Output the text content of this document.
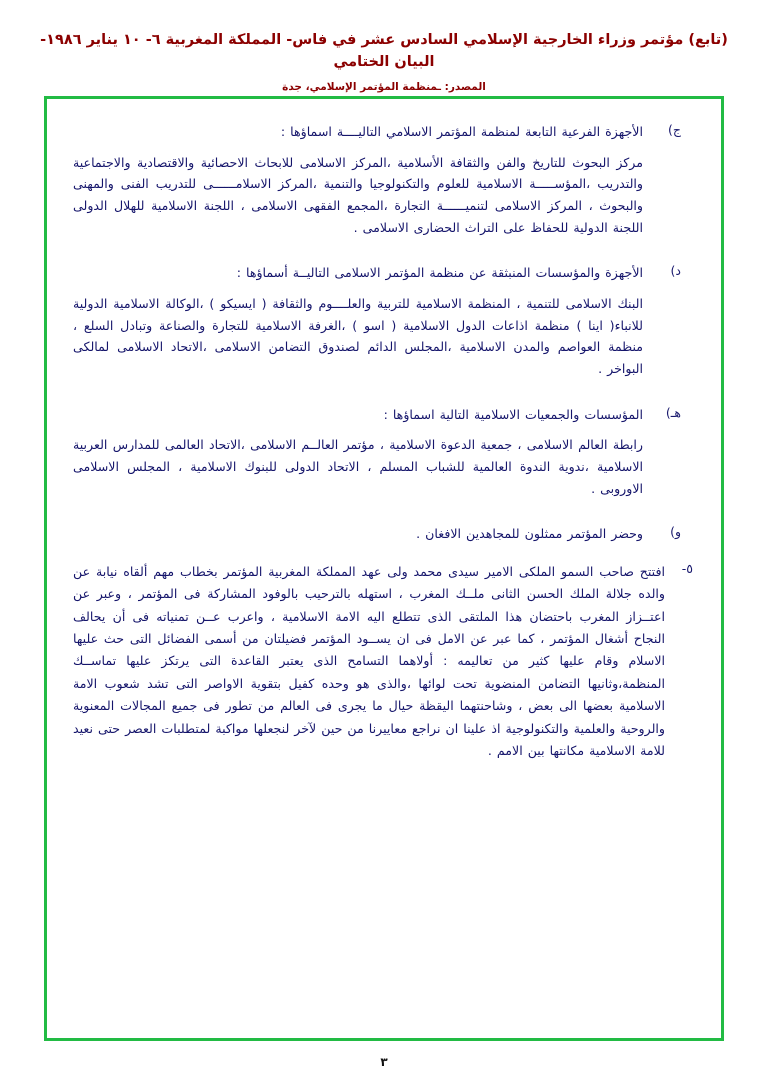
(تابع) مؤتمر وزراء الخارجية الإسلامي السادس عشر في فاس- المملكة المغربية ٦- ١٠ يناير ١٩٨٦- البيان الختامي
المصدر: ـمنظمة المؤتمر الإسلامي، جدة
ج)
الأجهزة الفرعية التابعة لمنظمة المؤتمر الاسلامي التاليــــة اسماؤها :
مركز البحوث للتاريخ والفن والثقافة الأسلامية ،المركز الاسلامى للابحاث الاحصائية والاقتصادية والاجتماعية والتدريب ،المؤســـــة الاسلامية للعلوم والتكنولوجيا والتنمية ،المركز الاسلامــــــى للتدريب الفنى والمهنى والبحوث ، المركز الاسلامى لتنميــــــة التجارة ،المجمع الفقهى الاسلامى ، اللجنة الاسلامية للهلال الدولى اللجنة الدولية للحفاظ على التراث الحضارى الاسلامى .
د)
الأجهزة والمؤسسات المنبثقة عن منظمة المؤتمر الاسلامى التاليــة أسماؤها :
البنك الاسلامى للتنمية ، المنظمة الاسلامية للتربية والعلــــوم والثقافة ( ايسيكو ) ،الوكالة الاسلامية الدولية للانباء( اينا ) منظمة اذاعات الدول الاسلامية ( اسو ) ،الغرفة الاسلامية للتجارة والصناعة وتبادل السلع ، منظمة العواصم والمدن الاسلامية ،المجلس الدائم لصندوق التضامن الاسلامى ،الاتحاد الاسلامى لمالكى البواخر .
هـ)
المؤسسات والجمعيات الاسلامية التالية اسماؤها :
رابطة العالم الاسلامى ، جمعية الدعوة الاسلامية ، مؤتمر العالــم الاسلامى ،الاتحاد العالمى للمدارس العربية الاسلامية ،ندوية الندوة العالمية للشباب المسلم ، الاتحاد الدولى للبنوك الاسلامية ، المجلس الاسلامى الاوروبى .
و)
وحضر المؤتمر ممثلون للمجاهدين الافغان .
٥-
افتتح صاحب السمو الملكى الامير سيدى محمد ولى عهد المملكة المغربية المؤتمر بخطاب مهم ألقاه نيابة عن والده جلالة الملك الحسن الثانى ملــك المغرب ، استهله بالترحيب بالوفود المشاركة فى المؤتمر ، وعبر عن اعتــزاز المغرب باحتضان هذا الملتقى الذى تتطلع اليه الامة الاسلامية ، واعرب عــن تمنياته فى أن يحالف النجاح أشغال المؤتمر ، كما عبر عن الامل فى ان يســود المؤتمر فضيلتان من أسمى الفضائل التى حث عليها الاسلام وقام عليها كثير من تعاليمه : أولاهما التسامح الذى يعتبر القاعدة التى يرتكز عليها تماســك المنظمة،وثانيها التضامن المنضوية تحت لوائها ،والذى هو وحده كفيل بتقوية الاواصر التى تشد شعوب الامة الاسلامية بعضها الى بعض ، وشاحنتهما اليقظة حيال ما يجرى فى العالم من تطور فى جميع المجالات المعنوية والروحية والعلمية والتكنولوجية اذ علينا ان نراجع معاييرنا من حين لآخر لنجعلها مواكبة لمتطلبات العصر حتى نعيد للامة الاسلامية مكانتها بين الامم .
٣
